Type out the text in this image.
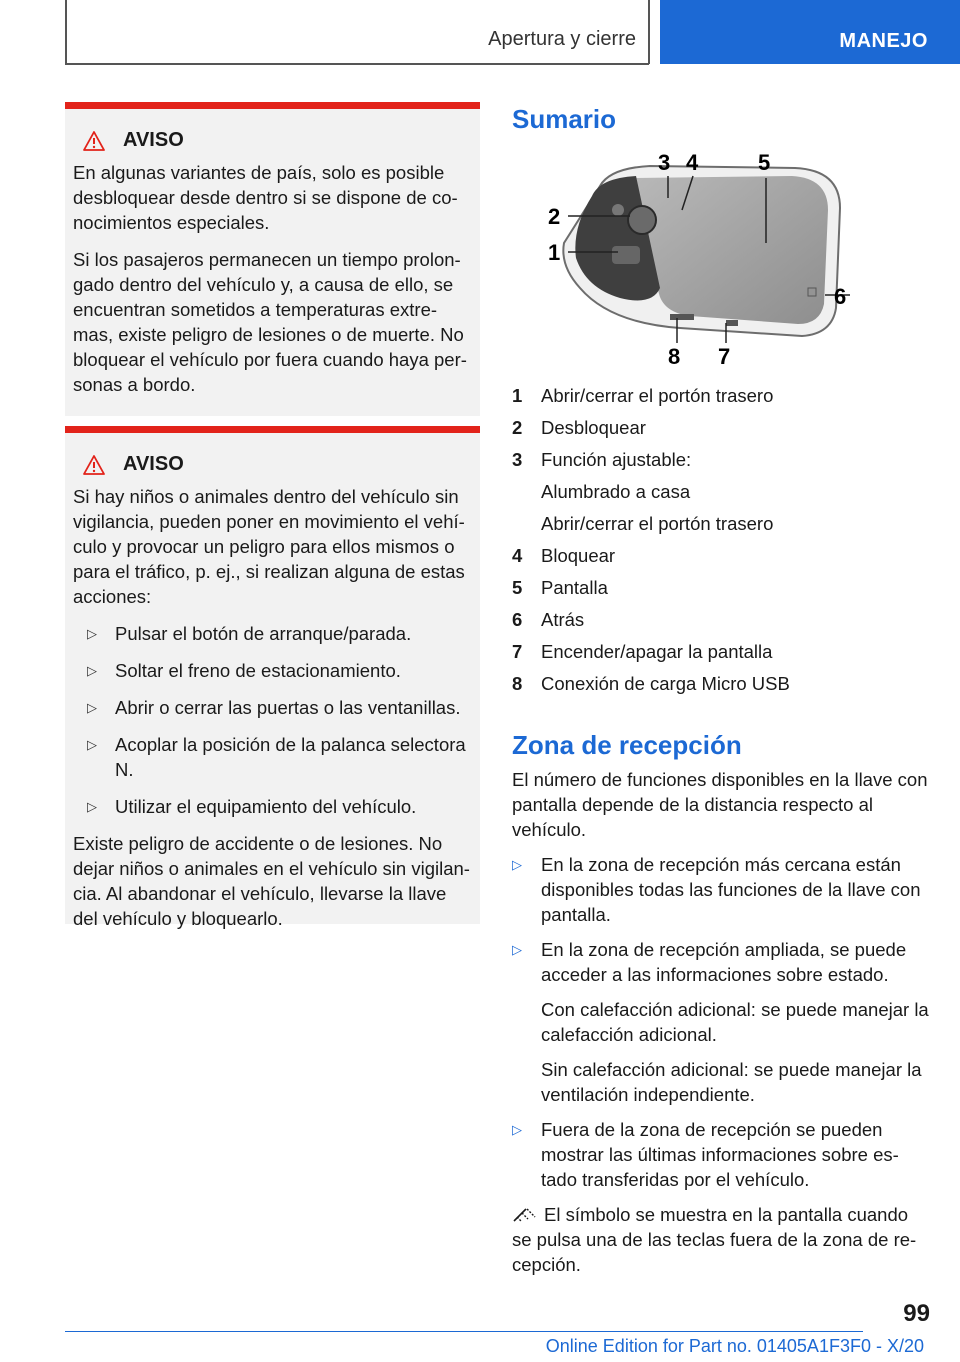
Apertura y cierre	MANEJO
AVISO

En algunas variantes de país, solo es posible desbloquear desde dentro si se dispone de co-nocimientos especiales.

Si los pasajeros permanecen un tiempo prolon-gado dentro del vehículo y, a causa de ello, se encuentran sometidos a temperaturas extre-mas, existe peligro de lesiones o de muerte. No bloquear el vehículo por fuera cuando haya per-sonas a bordo.

AVISO

Si hay niños o animales dentro del vehículo sin vigilancia, pueden poner en movimiento el vehí-culo y provocar un peligro para ellos mismos o para el tráfico, p. ej., si realizan alguna de estas acciones:

▷ Pulsar el botón de arranque/parada.
▷ Soltar el freno de estacionamiento.
▷ Abrir o cerrar las puertas o las ventanillas.
▷ Acoplar la posición de la palanca selectora N.
▷ Utilizar el equipamiento del vehículo.

Existe peligro de accidente o de lesiones. No dejar niños o animales en el vehículo sin vigilan-cia. Al abandonar el vehículo, llevarse la llave del vehículo y bloquearlo.

Sumario
3 4	5
2
1
6
7
8
1	Abrir/cerrar el portón trasero
2	Desbloquear
3	Función ajustable:
Alumbrado a casa
Abrir/cerrar el portón trasero
4	Bloquear
5	Pantalla
6	Atrás
7	Encender/apagar la pantalla
8	Conexión de carga Micro USB
Zona de recepción

El número de funciones disponibles en la llave con pantalla depende de la distancia respecto al vehículo.

▷ En la zona de recepción más cercana están disponibles todas las funciones de la llave con pantalla.
▷ En la zona de recepción ampliada, se puede acceder a las informaciones sobre estado.

Con calefacción adicional: se puede manejar la calefacción adicional.

Sin calefacción adicional: se puede manejar la ventilación independiente.

▷ Fuera de la zona de recepción se pueden mostrar las últimas informaciones sobre es-tado transferidas por el vehículo.
El símbolo se muestra en la pantalla cuando se pulsa una de las teclas fuera de la zona de re-cepción.
99
Online Edition for Part no. 01405A1F3F0 - X/20
